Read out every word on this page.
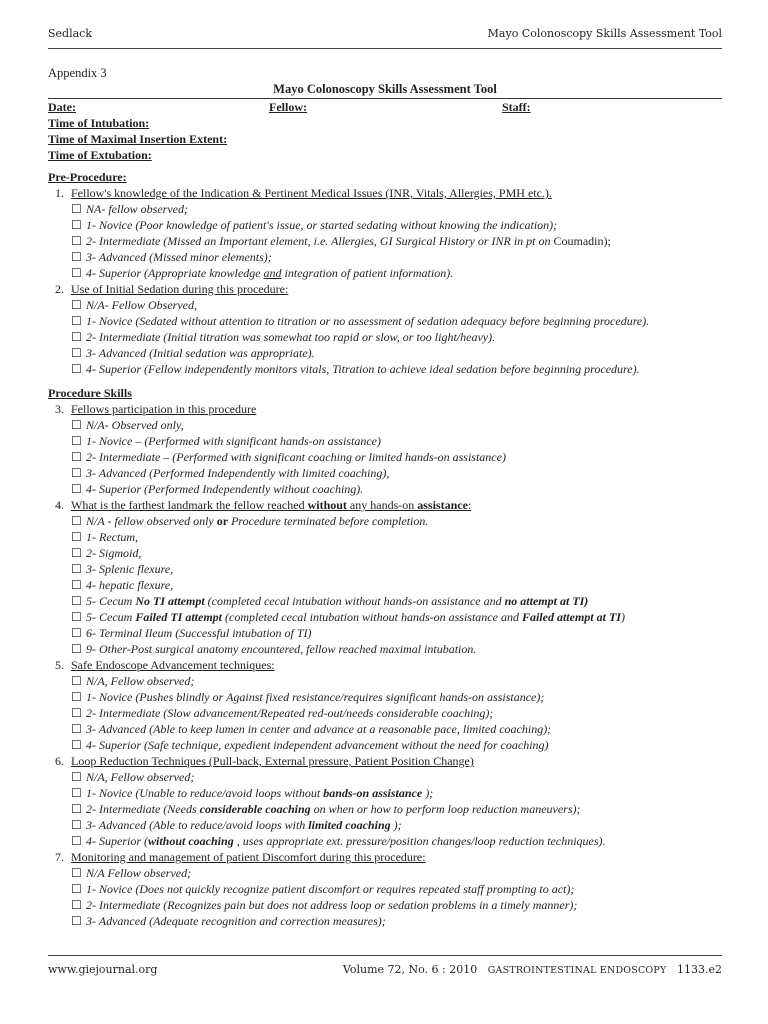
Sedlack	Mayo Colonoscopy Skills Assessment Tool
Appendix 3
Mayo Colonoscopy Skills Assessment Tool
Date:	Fellow:	Staff:
Time of Intubation:
Time of Maximal Insertion Extent:
Time of Extubation:
Pre-Procedure:
1. Fellow's knowledge of the Indication & Pertinent Medical Issues (INR, Vitals, Allergies, PMH etc.).
☐ NA- fellow observed;
☐ 1- Novice (Poor knowledge of patient's issue, or started sedating without knowing the indication);
☐ 2- Intermediate (Missed an Important element, i.e. Allergies, GI Surgical History or INR in pt on Coumadin);
☐ 3- Advanced (Missed minor elements);
☐ 4- Superior (Appropriate knowledge and integration of patient information).
2. Use of Initial Sedation during this procedure:
☐ N/A- Fellow Observed,
☐ 1- Novice (Sedated without attention to titration or no assessment of sedation adequacy before beginning procedure).
☐ 2- Intermediate (Initial titration was somewhat too rapid or slow, or too light/heavy).
☐ 3- Advanced (Initial sedation was appropriate).
☐ 4- Superior (Fellow independently monitors vitals, Titration to achieve ideal sedation before beginning procedure).
Procedure Skills
3. Fellows participation in this procedure
☐ N/A- Observed only,
☐ 1- Novice – (Performed with significant hands-on assistance)
☐ 2- Intermediate – (Performed with significant coaching or limited hands-on assistance)
☐ 3- Advanced (Performed Independently with limited coaching),
☐ 4- Superior (Performed Independently without coaching).
4. What is the farthest landmark the fellow reached without any hands-on assistance:
☐ N/A - fellow observed only or Procedure terminated before completion.
☐ 1- Rectum,
☐ 2- Sigmoid,
☐ 3- Splenic flexure,
☐ 4- hepatic flexure,
☐ 5- Cecum No TI attempt (completed cecal intubation without hands-on assistance and no attempt at TI)
☐ 5- Cecum Failed TI attempt (completed cecal intubation without hands-on assistance and Failed attempt at TI)
☐ 6- Terminal Ileum (Successful intubation of TI)
☐ 9- Other-Post surgical anatomy encountered, fellow reached maximal intubation.
5. Safe Endoscope Advancement techniques:
☐ N/A, Fellow observed;
☐ 1- Novice (Pushes blindly or Against fixed resistance/requires significant hands-on assistance);
☐ 2- Intermediate (Slow advancement/Repeated red-out/needs considerable coaching);
☐ 3- Advanced (Able to keep lumen in center and advance at a reasonable pace, limited coaching);
☐ 4- Superior (Safe technique, expedient independent advancement without the need for coaching)
6. Loop Reduction Techniques (Pull-back, External pressure, Patient Position Change)
☐ N/A, Fellow observed;
☐ 1- Novice (Unable to reduce/avoid loops without bands-on assistance );
☐ 2- Intermediate (Needs considerable coaching on when or how to perform loop reduction maneuvers);
☐ 3- Advanced (Able to reduce/avoid loops with limited coaching );
☐ 4- Superior (without coaching , uses appropriate ext. pressure/position changes/loop reduction techniques).
7. Monitoring and management of patient Discomfort during this procedure:
☐ N/A Fellow observed;
☐ 1- Novice (Does not quickly recognize patient discomfort or requires repeated staff prompting to act);
☐ 2- Intermediate (Recognizes pain but does not address loop or sedation problems in a timely manner);
☐ 3- Advanced (Adequate recognition and correction measures);
www.giejournal.org	Volume 72, No. 6 : 2010 GASTROINTESTINAL ENDOSCOPY 1133.e2
